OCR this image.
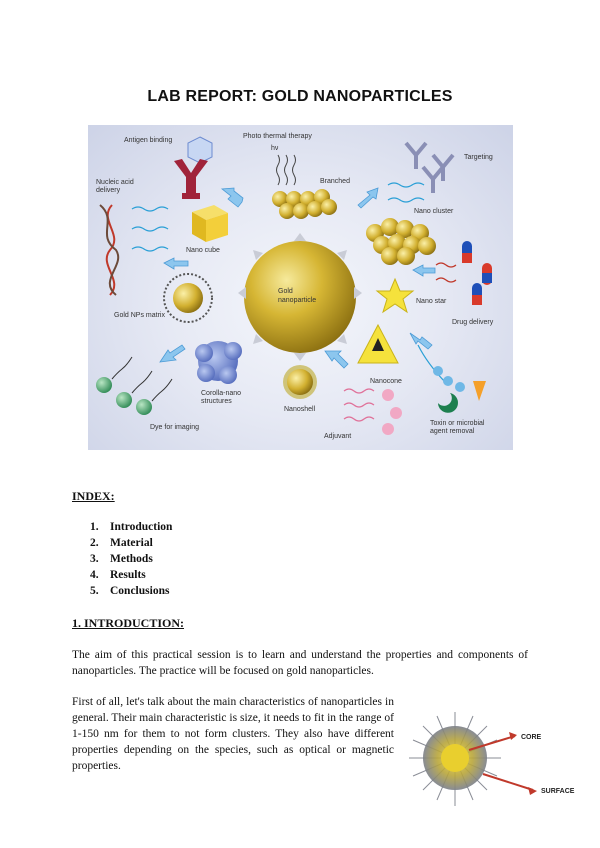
LAB REPORT: GOLD NANOPARTICLES
Gold
nanoparticle
Antigen binding
Photo thermal therapy
hν
Branched
Nucleic acid
delivery
Targeting
Nano cube
Nano cluster
Drug delivery
Gold NPs matrix
Nano star
Corolla-nano
structures
Dye for imaging
Nanoshell
Nanocone
Adjuvant
Toxin or microbial
agent removal
INDEX:
1. Introduction
2. Material
3. Methods
4. Results
5. Conclusions
1. INTRODUCTION:

The aim of this practical session is to learn and understand the properties and components of nanoparticles. The practice will be focused on gold nanoparticles.

First of all, let's talk about the main characteristics of nanoparticles in general. Their main characteristic is size, it needs to fit in the range of 1-150 nm for them to not form clusters. They also have different properties depending on the species, such as optical or magnetic properties.

CORE
SURFACE
